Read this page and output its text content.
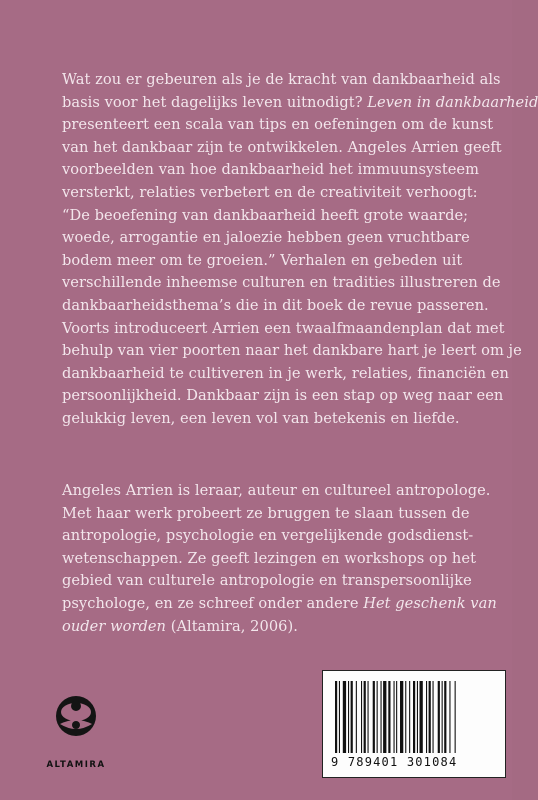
Wat zou er gebeuren als je de kracht van dankbaarheid als
basis voor het dagelijks leven uitnodigt? Leven in dankbaarheid
presenteert een scala van tips en oefeningen om de kunst
van het dankbaar zijn te ontwikkelen. Angeles Arrien geeft
voorbeelden van hoe dankbaarheid het immuunsysteem
versterkt, relaties verbetert en de creativiteit verhoogt:
“De beoefening van dankbaarheid heeft grote waarde;
woede, arrogantie en jaloezie hebben geen vruchtbare
bodem meer om te groeien.” Verhalen en gebeden uit
verschillende inheemse culturen en tradities illustreren de
dankbaarheidsthema’s die in dit boek de revue passeren.
Voorts introduceert Arrien een twaalfmaandenplan dat met
behulp van vier poorten naar het dankbare hart je leert om je
dankbaarheid te cultiveren in je werk, relaties, financiën en
persoonlijkheid. Dankbaar zijn is een stap op weg naar een
gelukkig leven, een leven vol van betekenis en liefde.
Angeles Arrien is leraar, auteur en cultureel antropologe.
Met haar werk probeert ze bruggen te slaan tussen de
antropologie, psychologie en vergelijkende godsdienst-
wetenschappen. Ze geeft lezingen en workshops op het
gebied van culturele antropologie en transpersoonlijke
psychologe, en ze schreef onder andere Het geschenk van
ouder worden (Altamira, 2006).
ALTAMIRA	9 789401 301084
